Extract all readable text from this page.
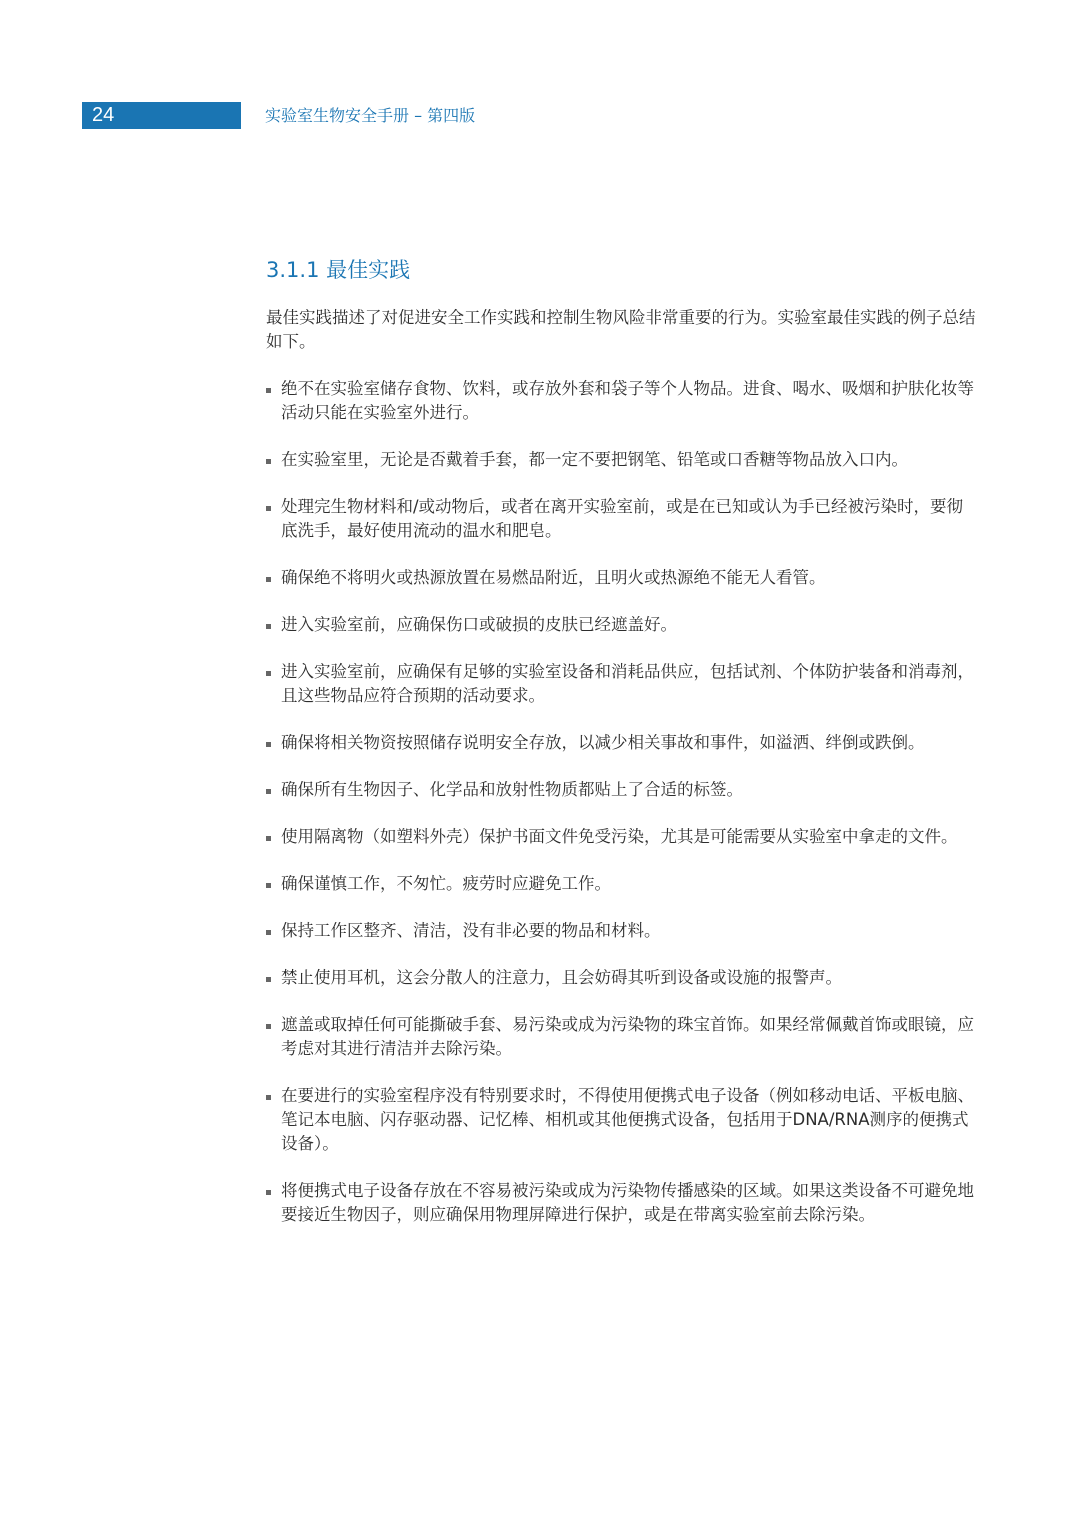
24	实验室生物安全手册 – 第四版
3.1.1 最佳实践

最佳实践描述了对促进安全工作实践和控制生物风险非常重要的行为。实验室最佳实践的例子总结如下。

绝不在实验室储存食物、饮料，或存放外套和袋子等个人物品。进食、喝水、吸烟和护肤化妆等活动只能在实验室外进行。
在实验室里，无论是否戴着手套，都一定不要把钢笔、铅笔或口香糖等物品放入口内。
处理完生物材料和/或动物后，或者在离开实验室前，或是在已知或认为手已经被污染时，要彻底洗手，最好使用流动的温水和肥皂。
确保绝不将明火或热源放置在易燃品附近，且明火或热源绝不能无人看管。
进入实验室前，应确保伤口或破损的皮肤已经遮盖好。
进入实验室前，应确保有足够的实验室设备和消耗品供应，包括试剂、个体防护装备和消毒剂，且这些物品应符合预期的活动要求。
确保将相关物资按照储存说明安全存放，以减少相关事故和事件，如溢洒、绊倒或跌倒。
确保所有生物因子、化学品和放射性物质都贴上了合适的标签。
使用隔离物（如塑料外壳）保护书面文件免受污染，尤其是可能需要从实验室中拿走的文件。
确保谨慎工作，不匆忙。疲劳时应避免工作。
保持工作区整齐、清洁，没有非必要的物品和材料。
禁止使用耳机，这会分散人的注意力，且会妨碍其听到设备或设施的报警声。
遮盖或取掉任何可能撕破手套、易污染或成为污染物的珠宝首饰。如果经常佩戴首饰或眼镜，应考虑对其进行清洁并去除污染。
在要进行的实验室程序没有特别要求时，不得使用便携式电子设备（例如移动电话、平板电脑、笔记本电脑、闪存驱动器、记忆棒、相机或其他便携式设备，包括用于DNA/RNA测序的便携式设备）。
将便携式电子设备存放在不容易被污染或成为污染物传播感染的区域。如果这类设备不可避免地要接近生物因子，则应确保用物理屏障进行保护，或是在带离实验室前去除污染。
